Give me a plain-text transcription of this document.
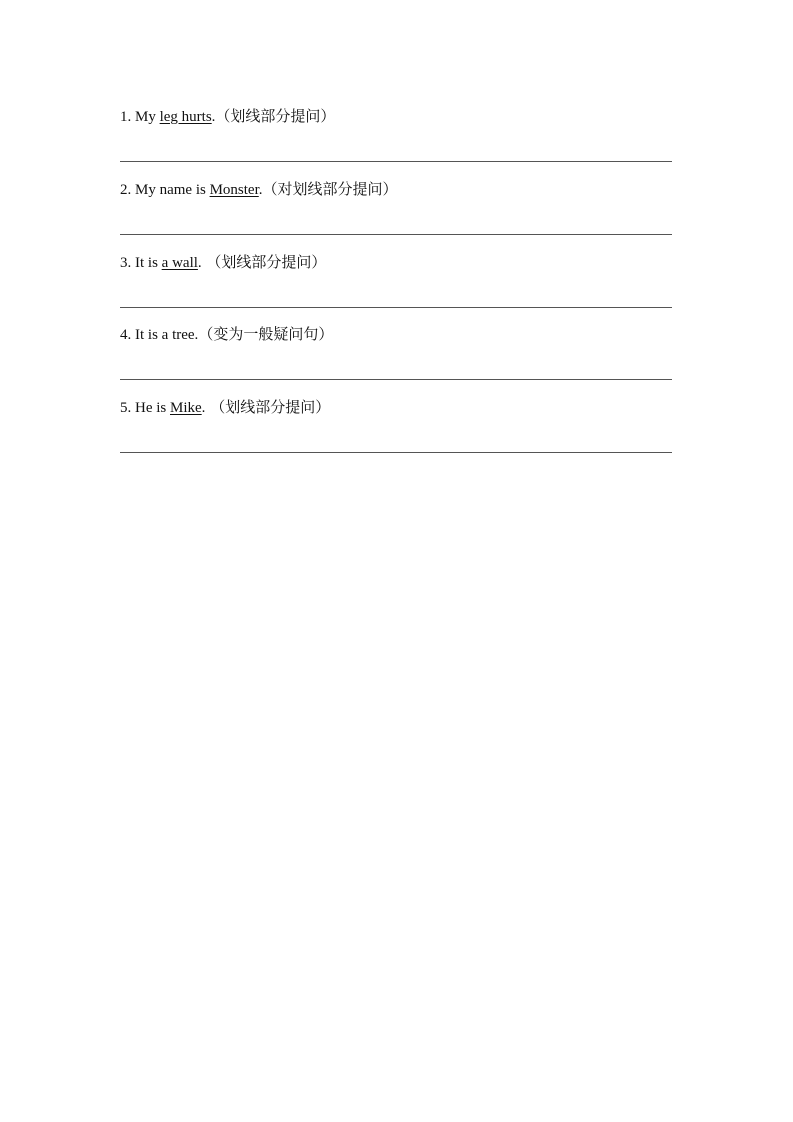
1. My leg hurts.（划线部分提问）
2. My name is Monster.（对划线部分提问）
3. It is a wall. （划线部分提问）
4. It is a tree.（变为一般疑问句）
5. He is Mike. （划线部分提问）
